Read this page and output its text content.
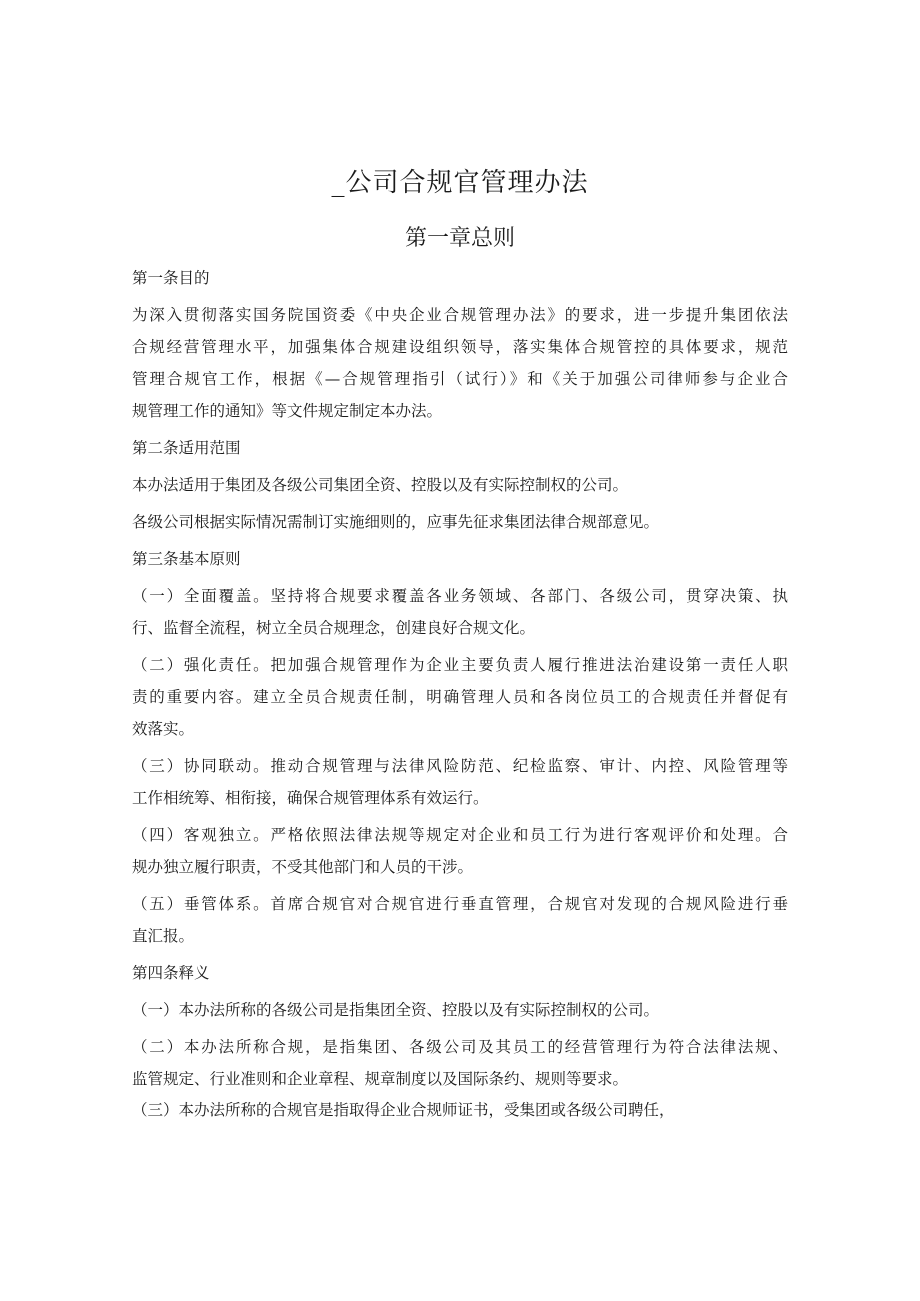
_公司合规官管理办法
第一章总则
第一条目的
为深入贯彻落实国务院国资委《中央企业合规管理办法》的要求，进一步提升集团依法
合规经营管理水平，加强集体合规建设组织领导，落实集体合规管控的具体要求，规范
管理合规官工作，根据《—合规管理指引（试行）》和《关于加强公司律师参与企业合
规管理工作的通知》等文件规定制定本办法。
第二条适用范围
本办法适用于集团及各级公司集团全资、控股以及有实际控制权的公司。
各级公司根据实际情况需制订实施细则的，应事先征求集团法律合规部意见。
第三条基本原则
（一）全面覆盖。坚持将合规要求覆盖各业务领域、各部门、各级公司，贯穿决策、执
行、监督全流程，树立全员合规理念，创建良好合规文化。
（二）强化责任。把加强合规管理作为企业主要负责人履行推进法治建设第一责任人职
责的重要内容。建立全员合规责任制，明确管理人员和各岗位员工的合规责任并督促有
效落实。
（三）协同联动。推动合规管理与法律风险防范、纪检监察、审计、内控、风险管理等
工作相统筹、相衔接，确保合规管理体系有效运行。
（四）客观独立。严格依照法律法规等规定对企业和员工行为进行客观评价和处理。合
规办独立履行职责，不受其他部门和人员的干涉。
（五）垂管体系。首席合规官对合规官进行垂直管理，合规官对发现的合规风险进行垂
直汇报。
第四条释义
（一）本办法所称的各级公司是指集团全资、控股以及有实际控制权的公司。
（二）本办法所称合规，是指集团、各级公司及其员工的经营管理行为符合法律法规、
监管规定、行业准则和企业章程、规章制度以及国际条约、规则等要求。
（三）本办法所称的合规官是指取得企业合规师证书，受集团或各级公司聘任，
